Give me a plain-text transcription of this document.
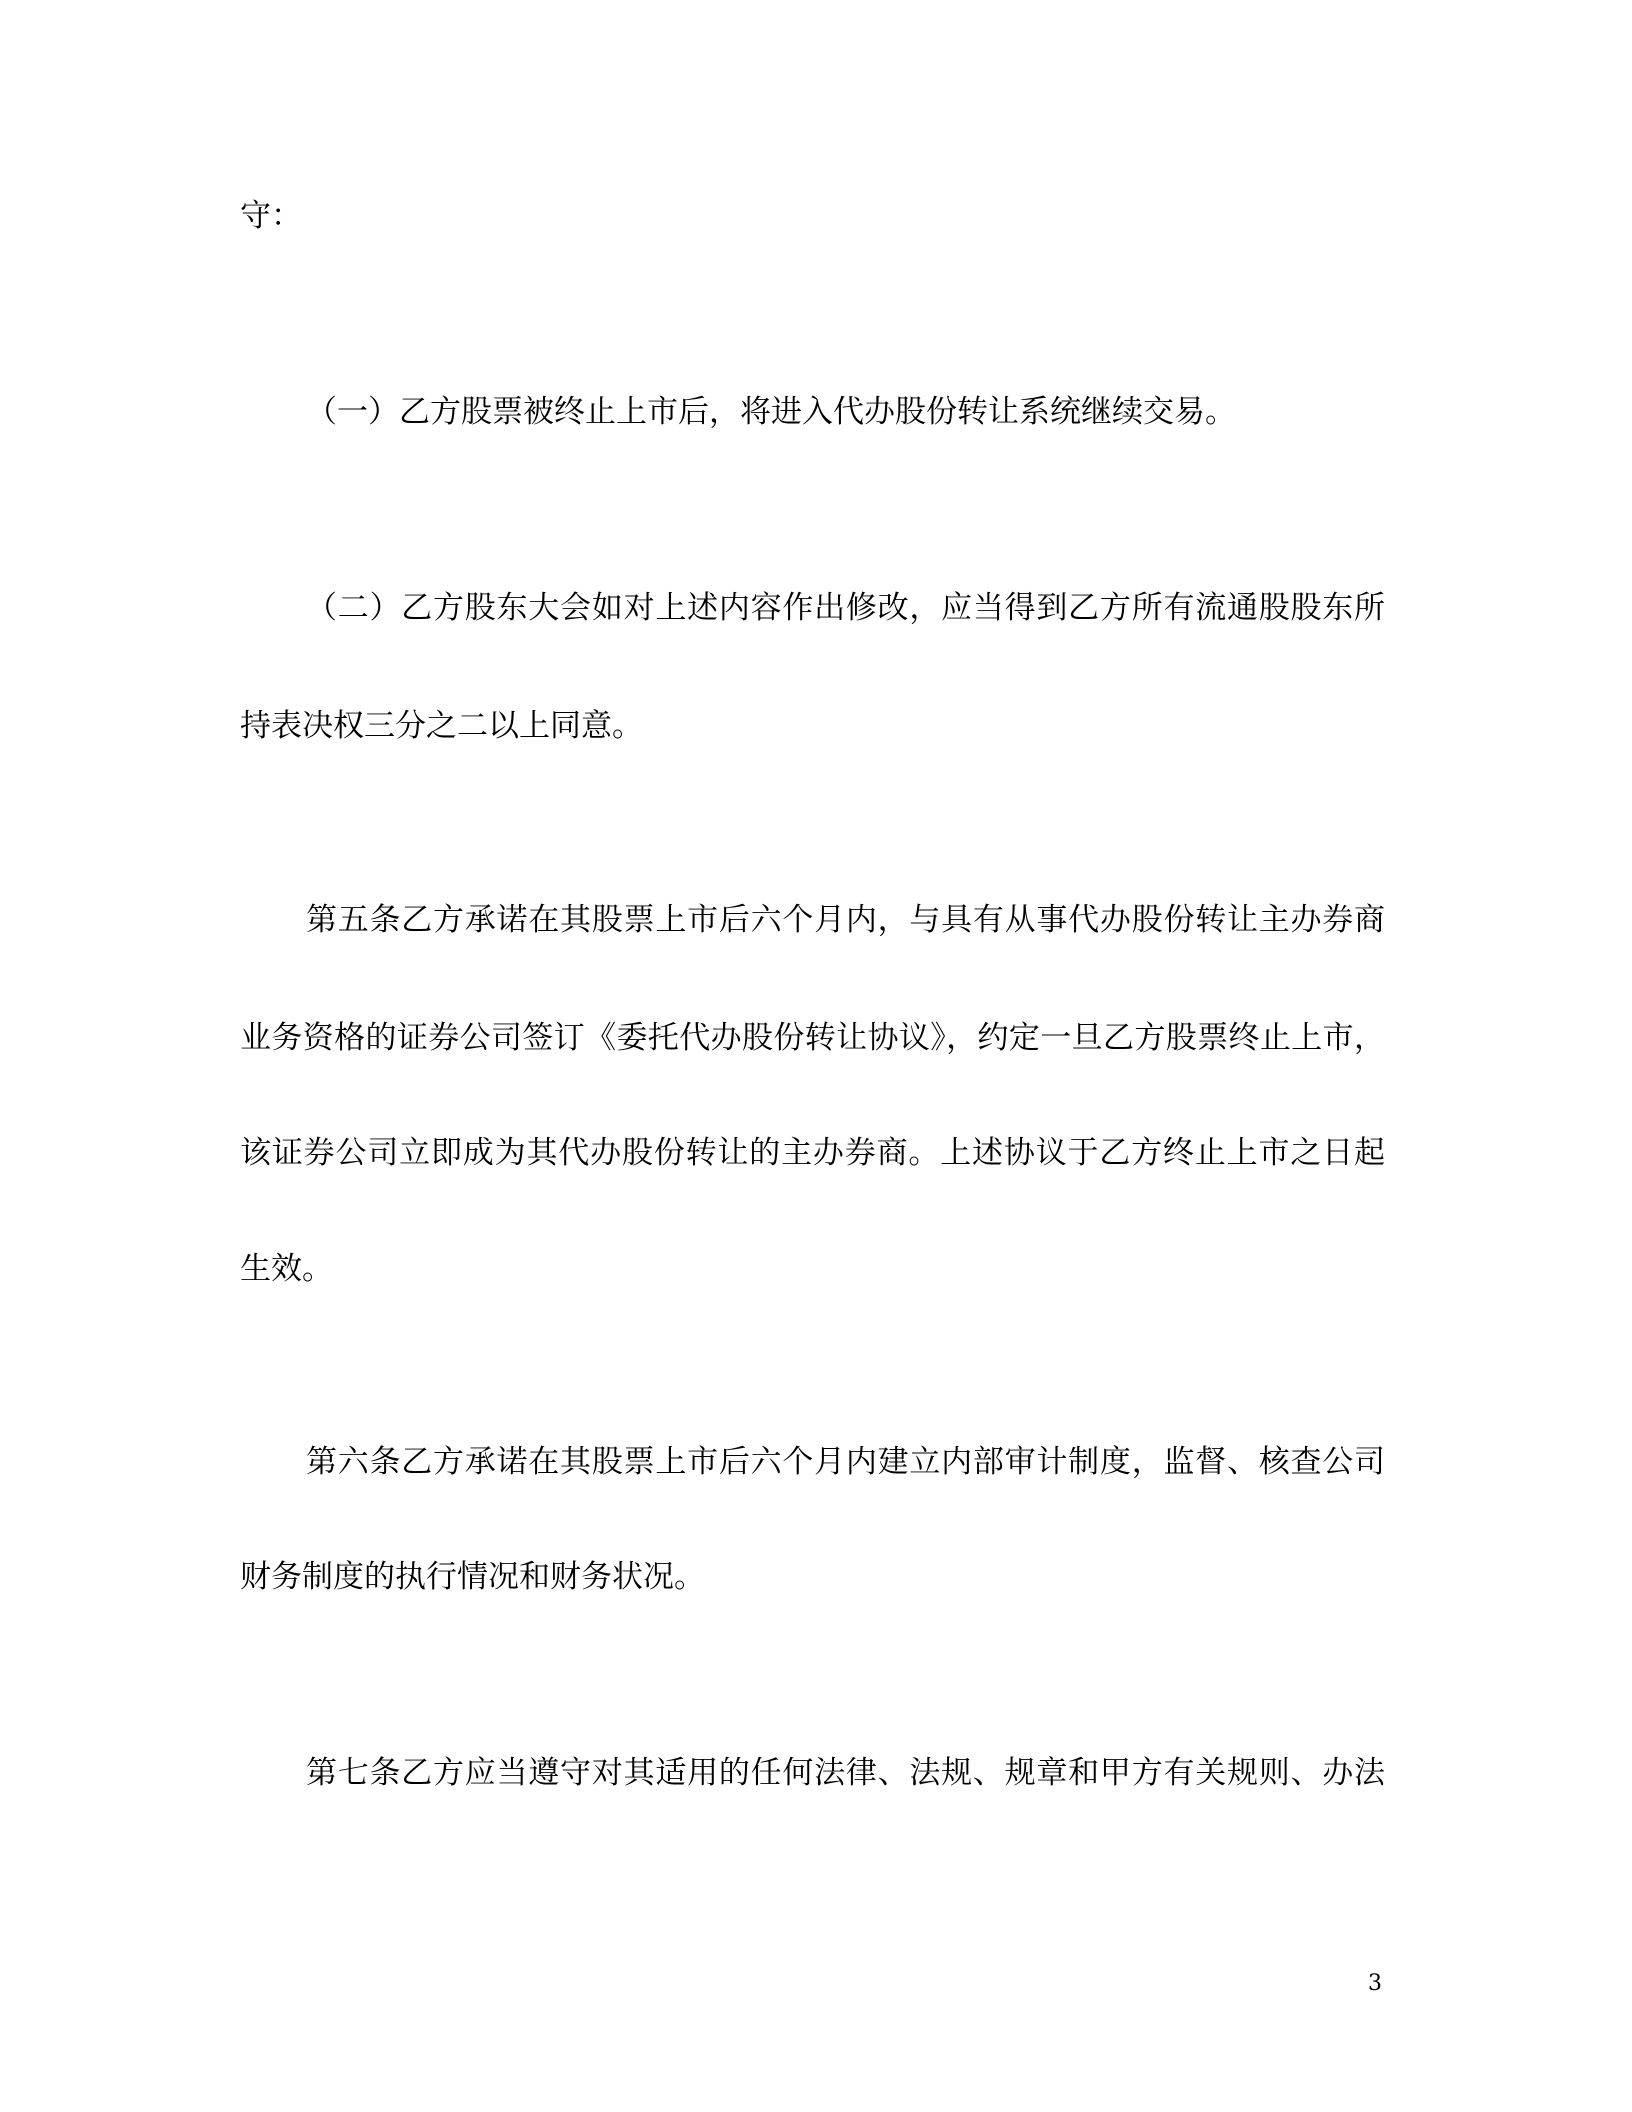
守：
（一）乙方股票被终止上市后，将进入代办股份转让系统继续交易。
（二）乙方股东大会如对上述内容作出修改，应当得到乙方所有流通股股东所
持表决权三分之二以上同意。
第五条乙方承诺在其股票上市后六个月内，与具有从事代办股份转让主办券商
业务资格的证券公司签订《委托代办股份转让协议》，约定一旦乙方股票终止上市，
该证券公司立即成为其代办股份转让的主办券商。上述协议于乙方终止上市之日起
生效。
第六条乙方承诺在其股票上市后六个月内建立内部审计制度，监督、核查公司
财务制度的执行情况和财务状况。
第七条乙方应当遵守对其适用的任何法律、法规、规章和甲方有关规则、办法
3
